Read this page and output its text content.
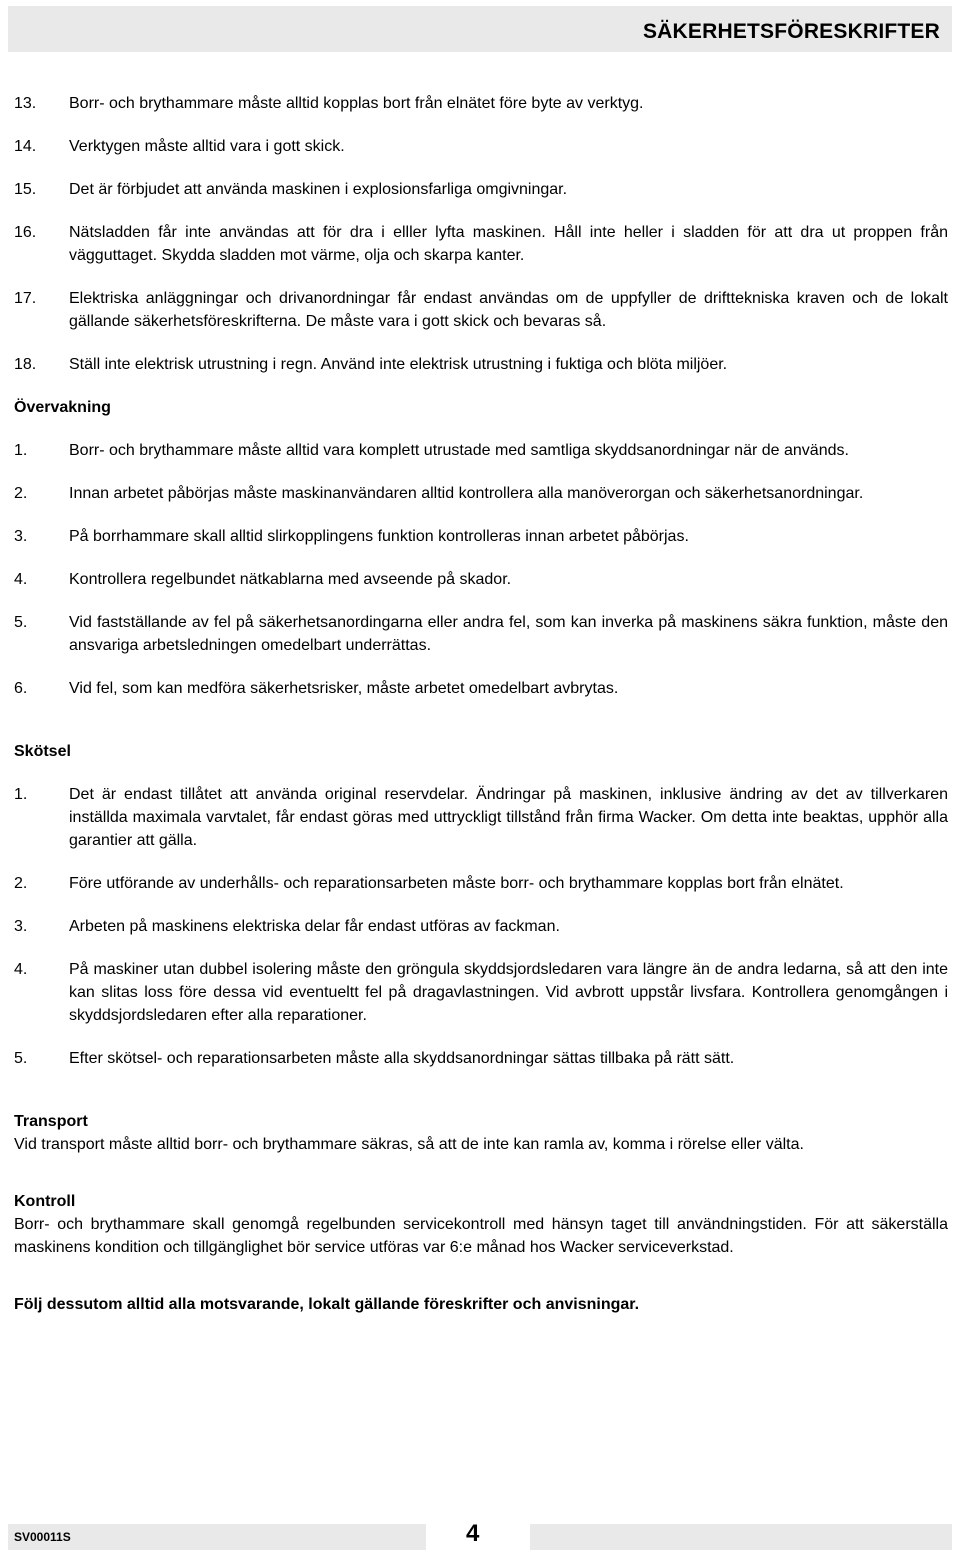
SÄKERHETSFÖRESKRIFTER
13.	Borr- och brythammare måste alltid kopplas bort från elnätet före byte av verktyg.
14.	Verktygen måste alltid vara i gott skick.
15.	Det är förbjudet att använda maskinen i explosionsfarliga omgivningar.
16.	Nätsladden får inte användas att för dra i elller lyfta maskinen. Håll inte heller i sladden för att dra ut proppen från vägguttaget. Skydda sladden mot värme, olja och skarpa kanter.
17.	Elektriska anläggningar och drivanordningar får endast användas om de uppfyller de drifttekniska kraven och de lokalt gällande säkerhetsföreskrifterna. De måste vara i gott skick och bevaras så.
18.	Ställ inte elektrisk utrustning i regn. Använd inte elektrisk utrustning i fuktiga och blöta miljöer.
Övervakning
1.	Borr- och brythammare måste alltid vara komplett utrustade med samtliga skyddsanordningar när de används.
2.	Innan arbetet påbörjas måste maskinanvändaren alltid kontrollera alla manöverorgan och säkerhetsanordningar.
3.	På borrhammare skall alltid slirkopplingens funktion kontrolleras innan arbetet påbörjas.
4.	Kontrollera regelbundet nätkablarna med avseende på skador.
5.	Vid fastställande av fel på säkerhetsanordingarna eller andra fel, som kan inverka på maskinens säkra funktion, måste den ansvariga arbetsledningen omedelbart underrättas.
6.	Vid fel, som kan medföra säkerhetsrisker, måste arbetet omedelbart avbrytas.
Skötsel
1.	Det är endast tillåtet att använda original reservdelar. Ändringar på maskinen, inklusive ändring av det av tillverkaren inställda maximala varvtalet, får endast göras med uttryckligt tillstånd från firma Wacker. Om detta inte beaktas, upphör alla garantier att gälla.
2.	Före utförande av underhålls- och reparationsarbeten måste borr- och brythammare kopplas bort från elnätet.
3.	Arbeten på maskinens elektriska delar får endast utföras av fackman.
4.	På maskiner utan dubbel isolering måste den gröngula skyddsjordsledaren vara längre än de andra ledarna, så att den inte kan slitas loss före dessa vid eventueltt fel på dragavlastningen. Vid avbrott uppstår livsfara. Kontrollera genomgången i skyddsjordsledaren efter alla reparationer.
5.	Efter skötsel- och reparationsarbeten måste alla skyddsanordningar sättas tillbaka på rätt sätt.
Transport
Vid transport måste alltid borr- och brythammare säkras, så att de inte kan ramla av, komma i rörelse eller välta.
Kontroll
Borr- och brythammare skall genomgå regelbunden servicekontroll med hänsyn taget till användningstiden. För att säkerställa maskinens kondition och tillgänglighet bör service utföras var 6:e månad hos Wacker serviceverkstad.
Följ dessutom alltid alla motsvarande, lokalt gällande föreskrifter och anvisningar.
SV00011S	4
